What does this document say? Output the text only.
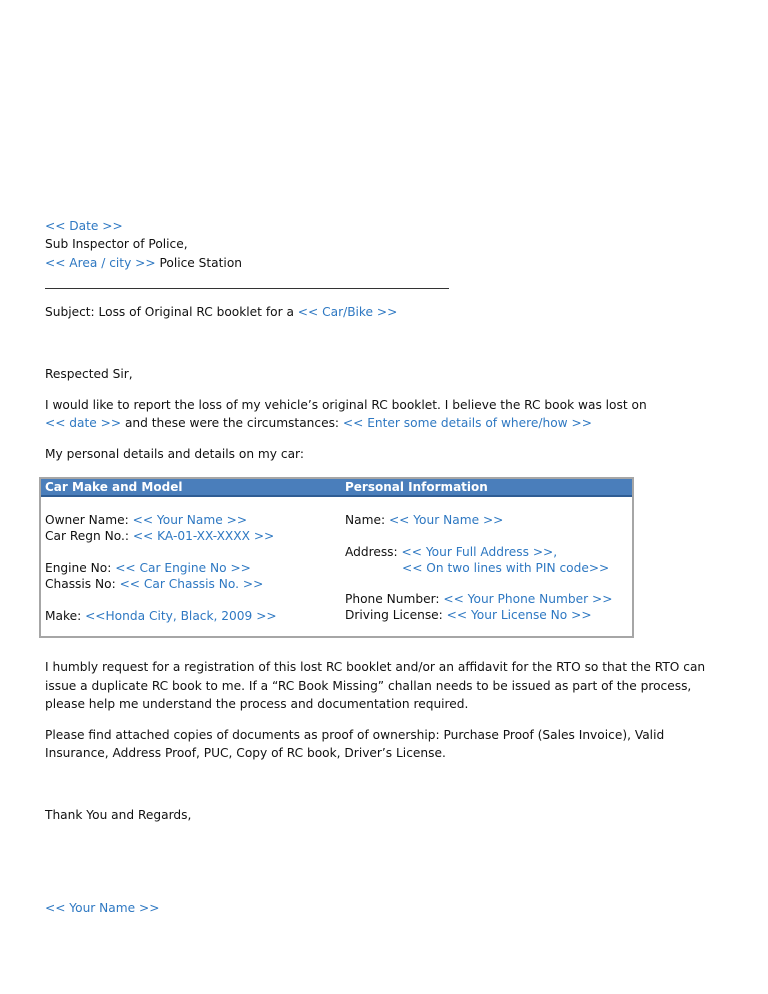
<< Date >>
Sub Inspector of Police,
<< Area / city >> Police Station
Subject: Loss of Original RC booklet for a << Car/Bike >>
Respected Sir,
I would like to report the loss of my vehicle’s original RC booklet. I believe the RC book was lost on
<< date >> and these were the circumstances: << Enter some details of where/how >>
My personal details and details on my car:
Car Make and Model	Personal Information
Owner Name: << Your Name >>
Car Regn No.: << KA-01-XX-XXXX >>
Engine No: << Car Engine No >>
Chassis No: << Car Chassis No. >>
Make: <<Honda City, Black, 2009 >>
Name: << Your Name >>
Address: << Your Full Address >>,
<< On two lines with PIN code>>
Phone Number: << Your Phone Number >>
Driving License: << Your License No >>
I humbly request for a registration of this lost RC booklet and/or an affidavit for the RTO so that the RTO can
issue a duplicate RC book to me. If a “RC Book Missing” challan needs to be issued as part of the process,
please help me understand the process and documentation required.
Please find attached copies of documents as proof of ownership: Purchase Proof (Sales Invoice), Valid
Insurance, Address Proof, PUC, Copy of RC book, Driver’s License.
Thank You and Regards,
<< Your Name >>
